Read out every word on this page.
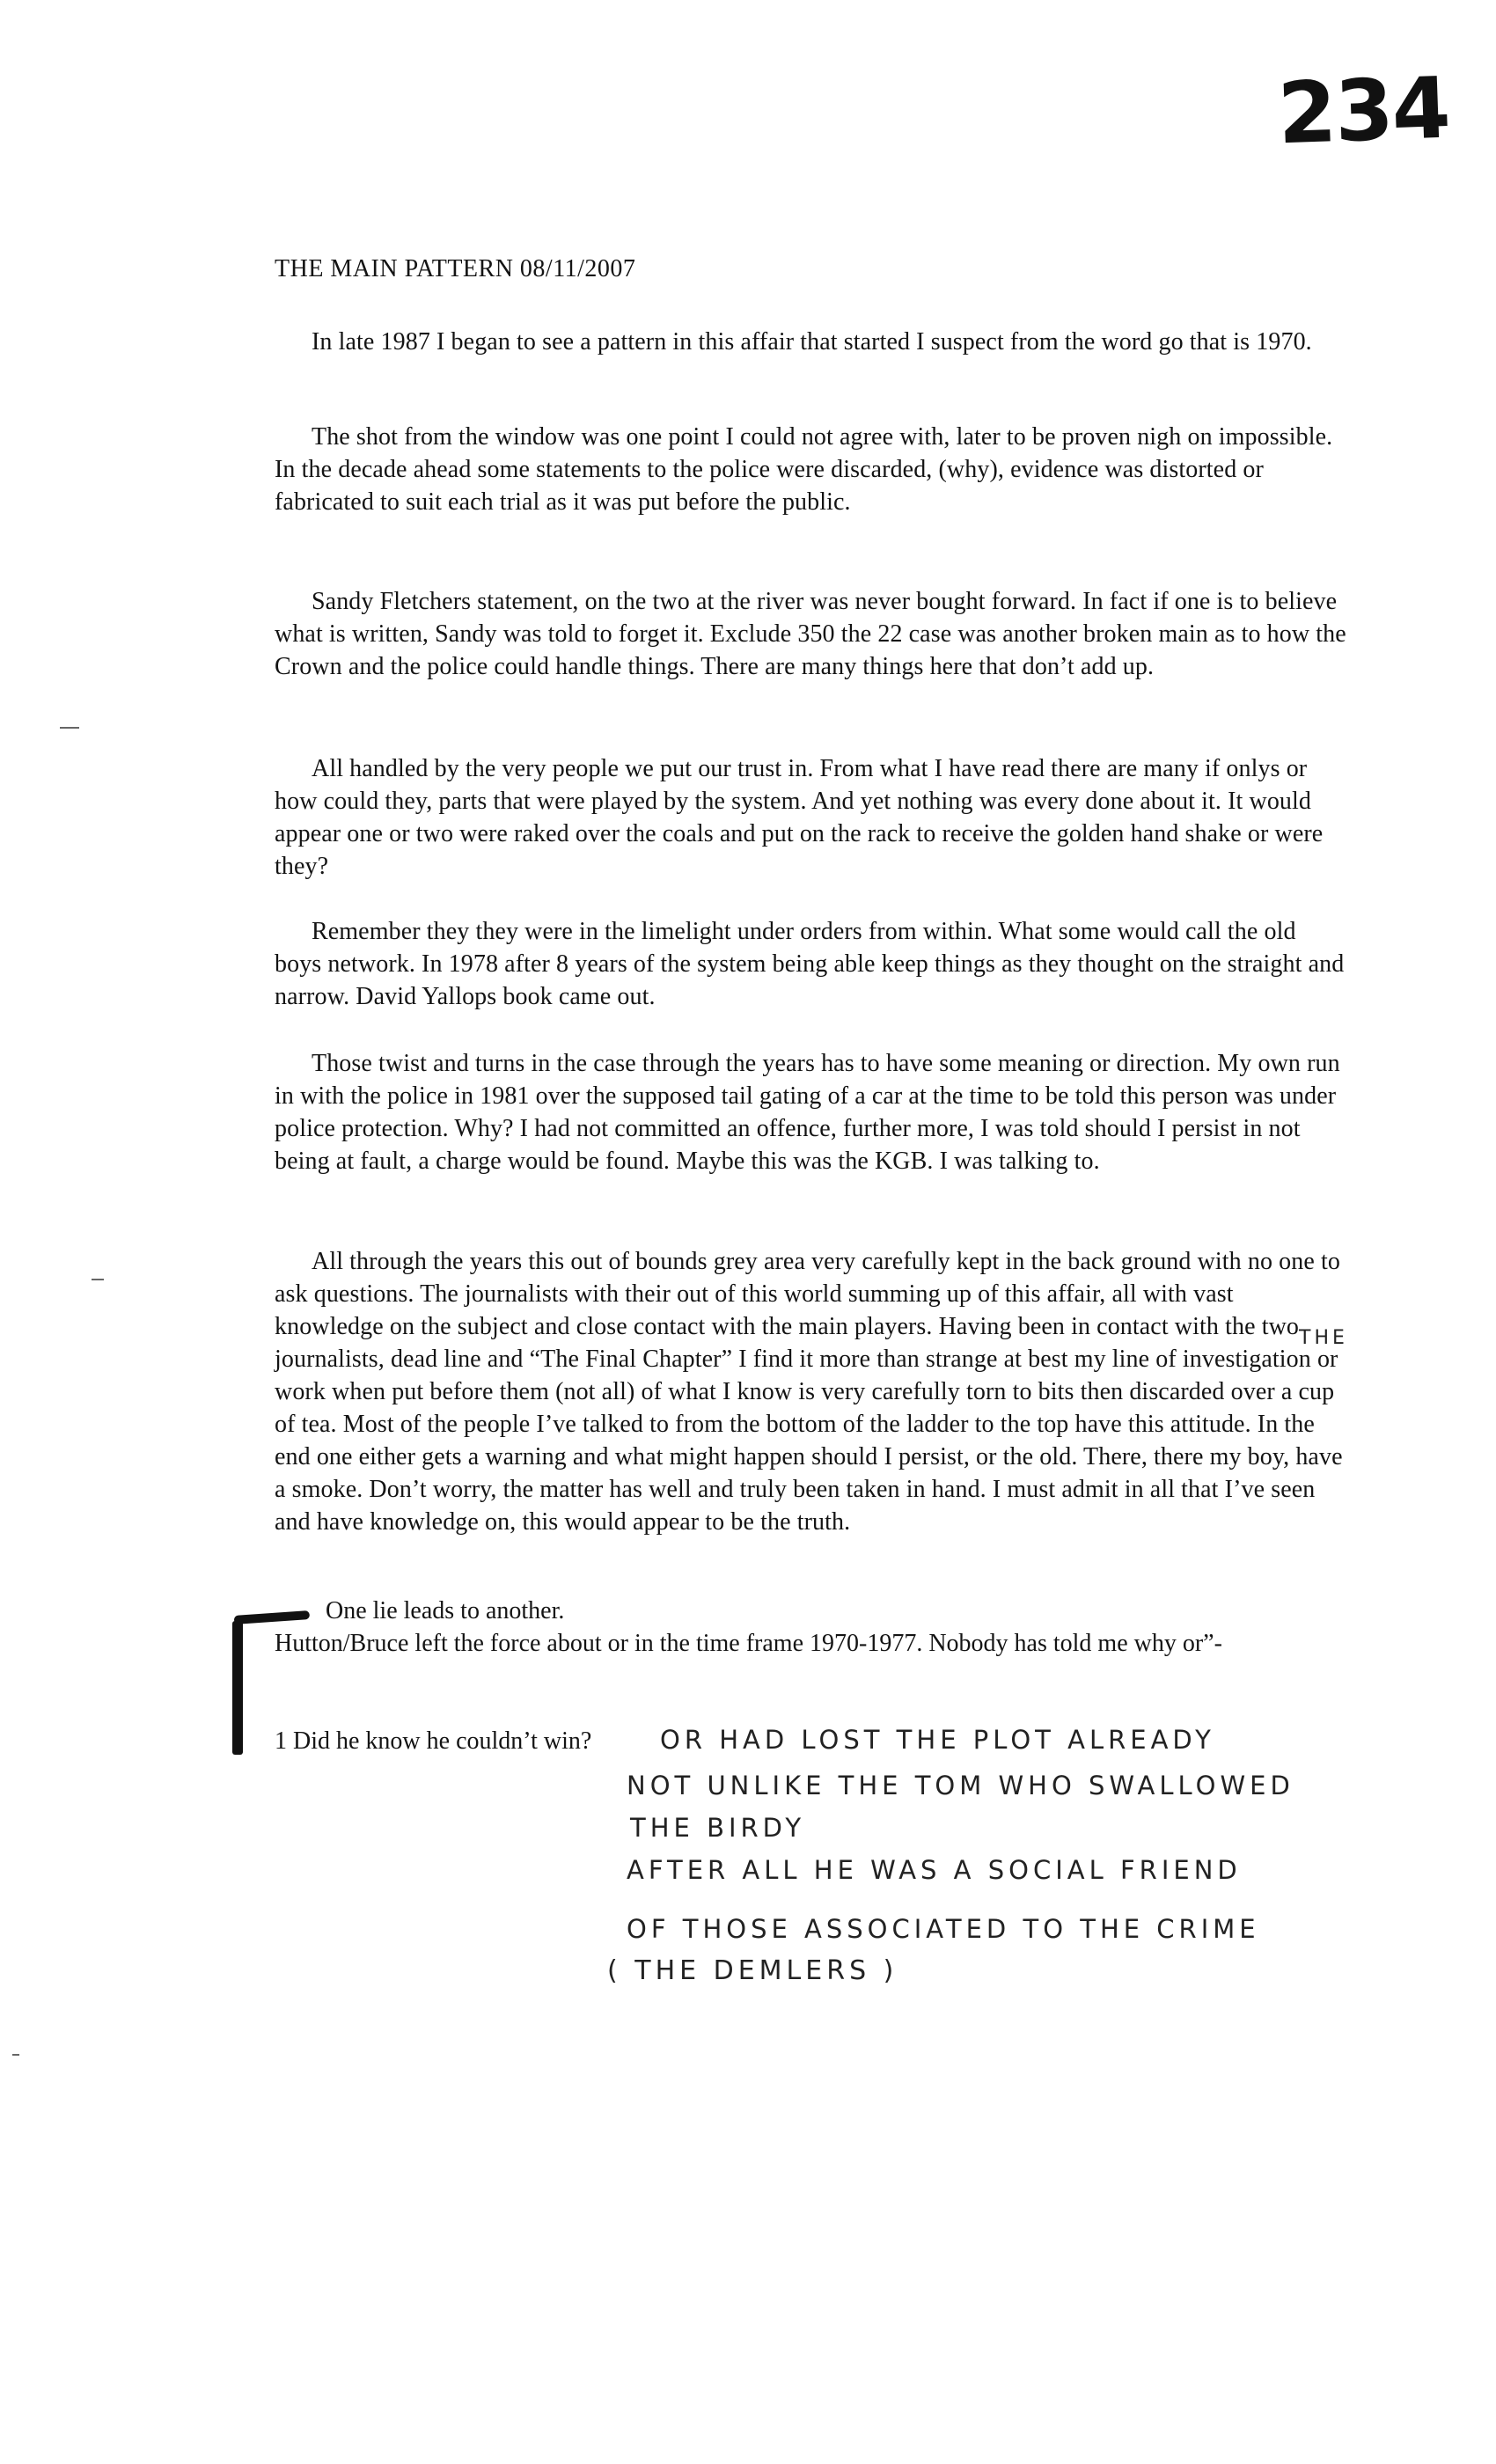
234
THE MAIN PATTERN 08/11/2007

In late 1987 I began to see a pattern in this affair that started I suspect from the word go that is 1970.

The shot from the window was one point I could not agree with, later to be proven nigh on impossible. In the decade ahead some statements to the police were discarded, (why), evidence was distorted or fabricated to suit each trial as it was put before the public.

Sandy Fletchers statement, on the two at the river was never bought forward. In fact if one is to believe what is written, Sandy was told to forget it. Exclude 350 the 22 case was another broken main as to how the Crown and the police could handle things. There are many things here that don’t add up.

All handled by the very people we put our trust in. From what I have read there are many if onlys or how could they, parts that were played by the system. And yet nothing was every done about it. It would appear one or two were raked over the coals and put on the rack to receive the golden hand shake or were they?

Remember they they were in the limelight under orders from within. What some would call the old boys network. In 1978 after 8 years of the system being able keep things as they thought on the straight and narrow. David Yallops book came out.

Those twist and turns in the case through the years has to have some meaning or direction. My own run in with the police in 1981 over the supposed tail gating of a car at the time to be told this person was under police protection. Why? I had not committed an offence, further more, I was told should I persist in not being at fault, a charge would be found. Maybe this was the KGB. I was talking to.

All through the years this out of bounds grey area very carefully kept in the back ground with no one to ask questions. The journalists with their out of this world summing up of this affair, all with vast knowledge on the subject and close contact with the main players. Having been in contact with the two journalists, dead line and “The Final Chapter” I find it more than strange at best my line of investigation or work when put before them (not all) of what I know is very carefully torn to bits then discarded over a cup of tea. Most of the people I’ve talked to from the bottom of the ladder to the top have this attitude. In the end one either gets a warning and what might happen should I persist, or the old. There, there my boy, have a smoke. Don’t worry, the matter has well and truly been taken in hand. I must admit in all that I’ve seen and have knowledge on, this would appear to be the truth.

THE

One lie leads to another.

Hutton/Bruce left the force about or in the time frame 1970-1977. Nobody has told me why or”-

1 Did he know he couldn’t win?	OR HAD LOST THE PLOT ALREADY
NOT UNLIKE THE TOM WHO SWALLOWED
THE BIRDY
AFTER ALL HE WAS A SOCIAL FRIEND
OF THOSE ASSOCIATED TO THE CRIME
( THE DEMLERS )
